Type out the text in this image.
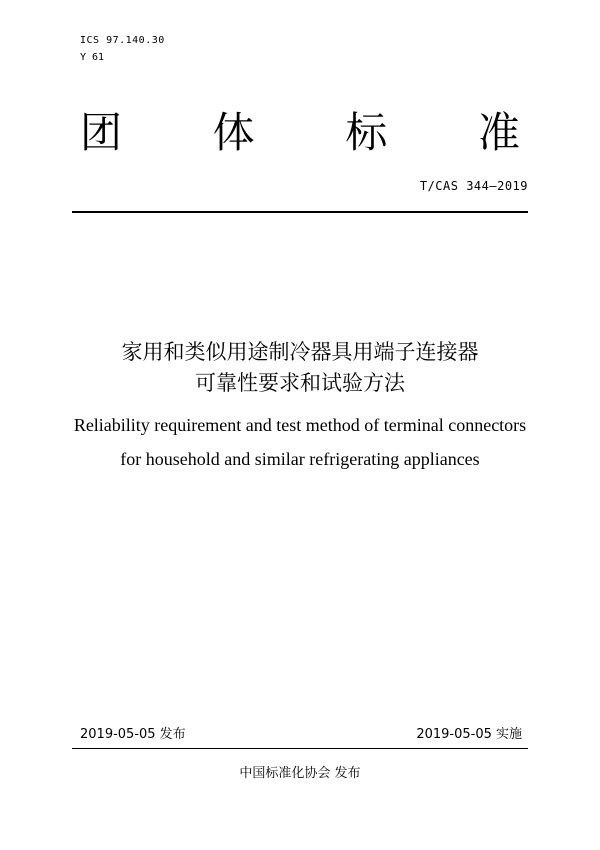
ICS 97.140.30
Y 61
团 体 标 准
T/CAS 344—2019
家用和类似用途制冷器具用端子连接器
可靠性要求和试验方法
Reliability requirement and test method of terminal connectors
for household and similar refrigerating appliances
2019-05-05 发布	2019-05-05 实施
中国标准化协会 发布
